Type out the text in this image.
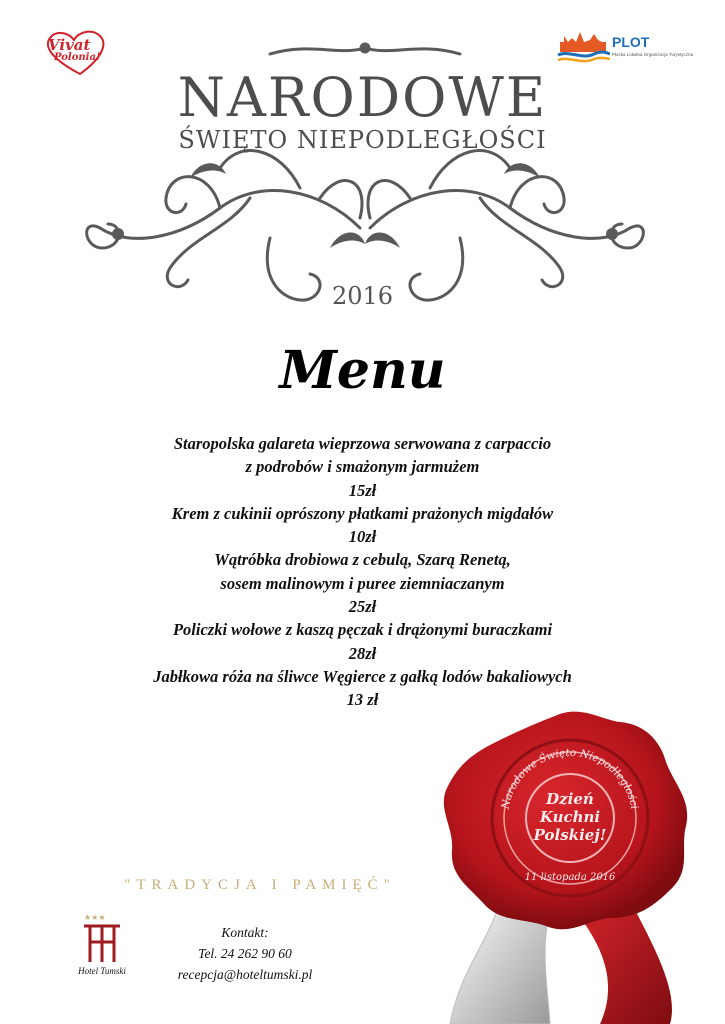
Vivat
Polonia!
PLOT
Płocka Lokalna Organizacja Turystyczna
NARODOWE
ŚWIĘTO NIEPODLEGŁOŚCI
2016
Menu
Staropolska galareta wieprzowa serwowana z carpaccio
z podrobów i smażonym jarmużem
15zł
Krem z cukinii oprószony płatkami prażonych migdałów
10zł
Wątróbka drobiowa z cebulą, Szarą Renetą,
sosem malinowym i puree ziemniaczanym
25zł
Policzki wołowe z kaszą pęczak i drążonymi buraczkami
28zł
Jabłkowa róża na śliwce Węgierce z gałką lodów bakaliowych
13 zł
"TRADYCJA I PAMIĘĆ"
★★★
Hotel Tumski
Kontakt:
Tel. 24 262 90 60
recepcja@hoteltumski.pl
Narodowe Święto Niepodległości
Dzień
Kuchni
Polskiej!
11 listopada 2016
